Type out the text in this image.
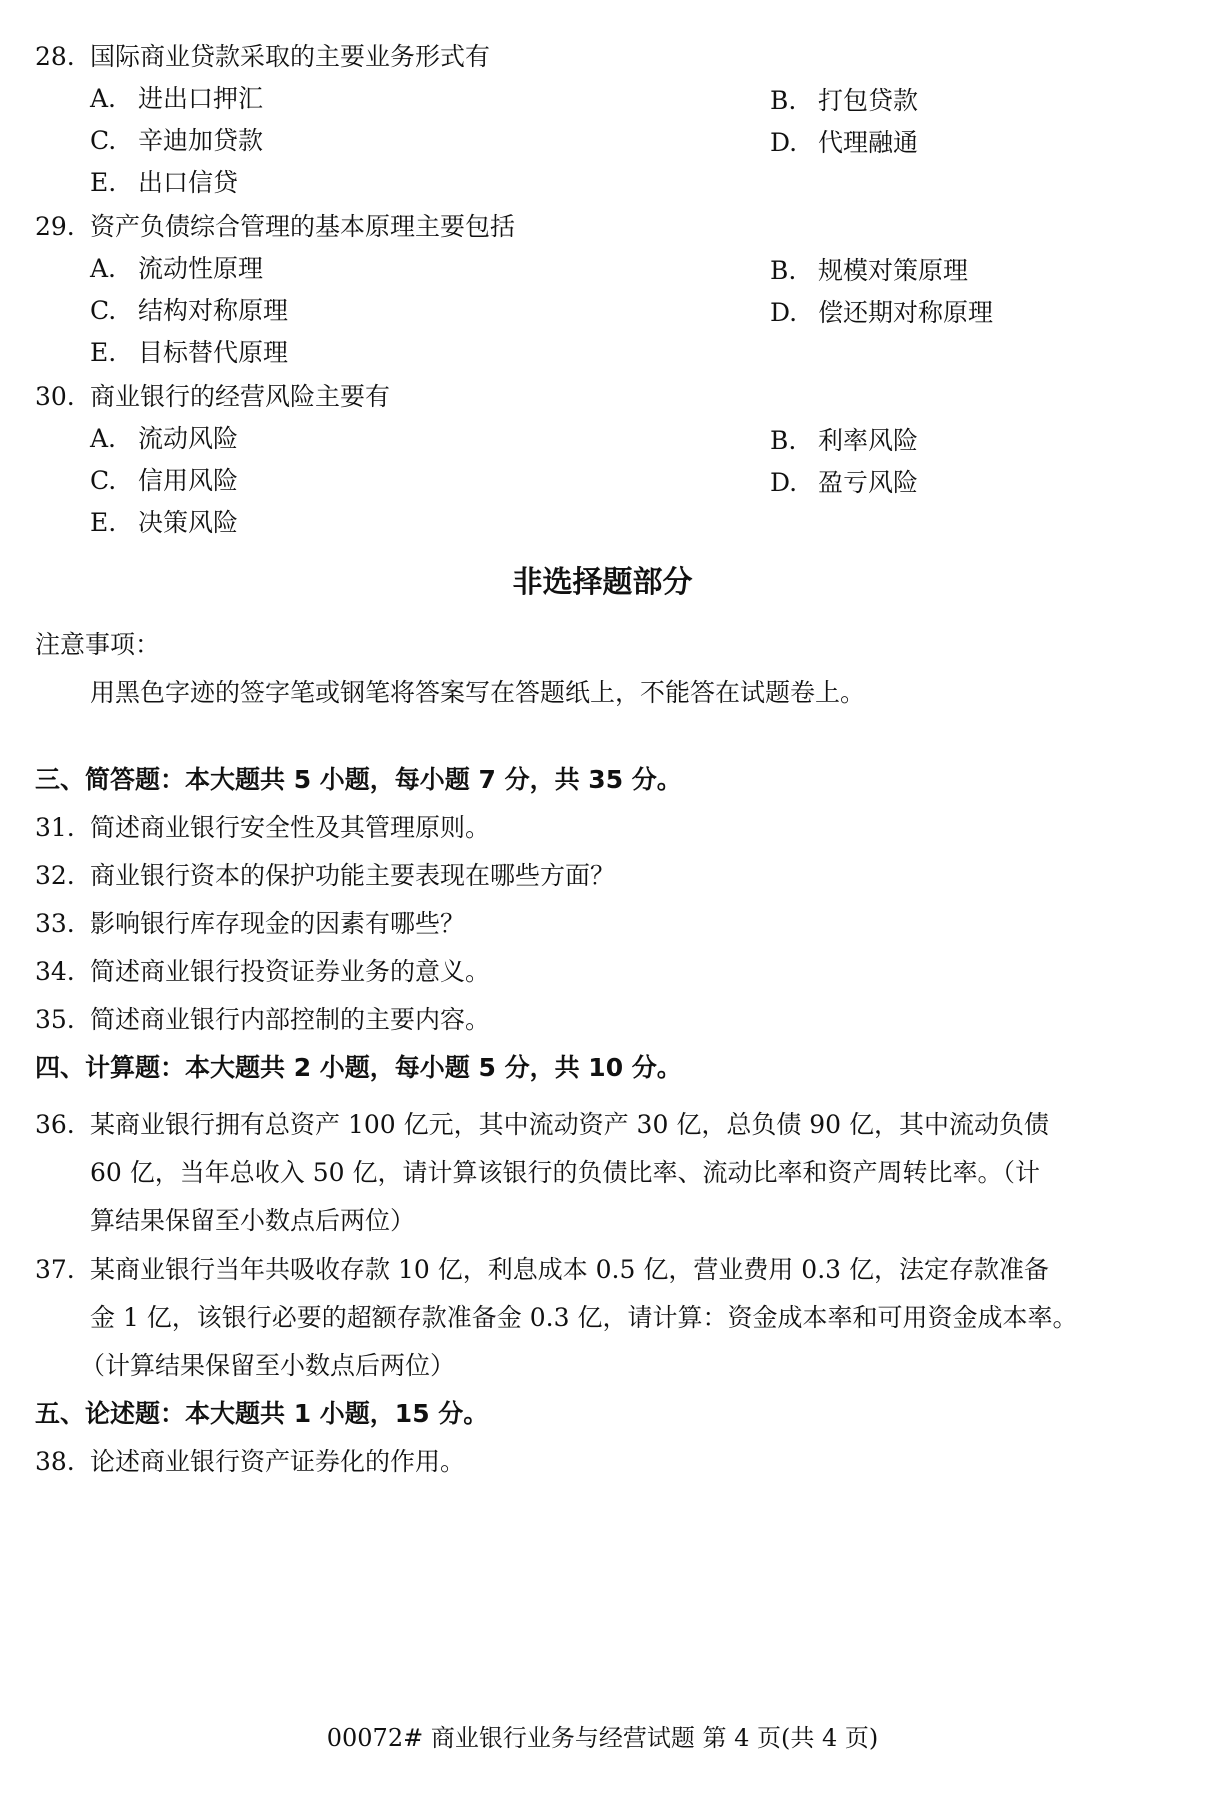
28. 国际商业贷款采取的主要业务形式有
A. 进出口押汇	B. 打包贷款
C. 辛迪加贷款	D. 代理融通
E. 出口信贷
29. 资产负债综合管理的基本原理主要包括
A. 流动性原理	B. 规模对策原理
C. 结构对称原理	D. 偿还期对称原理
E. 目标替代原理
30. 商业银行的经营风险主要有
A. 流动风险	B. 利率风险
C. 信用风险	D. 盈亏风险
E. 决策风险
非选择题部分
注意事项：
用黑色字迹的签字笔或钢笔将答案写在答题纸上，不能答在试题卷上。
三、简答题：本大题共 5 小题，每小题 7 分，共 35 分。
31. 简述商业银行安全性及其管理原则。
32. 商业银行资本的保护功能主要表现在哪些方面？
33. 影响银行库存现金的因素有哪些？
34. 简述商业银行投资证券业务的意义。
35. 简述商业银行内部控制的主要内容。
四、计算题：本大题共 2 小题，每小题 5 分，共 10 分。
36. 某商业银行拥有总资产 100 亿元，其中流动资产 30 亿，总负债 90 亿，其中流动负债
60 亿，当年总收入 50 亿，请计算该银行的负债比率、流动比率和资产周转比率。（计
算结果保留至小数点后两位）
37. 某商业银行当年共吸收存款 10 亿，利息成本 0.5 亿，营业费用 0.3 亿，法定存款准备
金 1 亿，该银行必要的超额存款准备金 0.3 亿，请计算：资金成本率和可用资金成本率。
（计算结果保留至小数点后两位）
五、论述题：本大题共 1 小题，15 分。
38. 论述商业银行资产证券化的作用。
00072# 商业银行业务与经营试题 第 4 页(共 4 页)
